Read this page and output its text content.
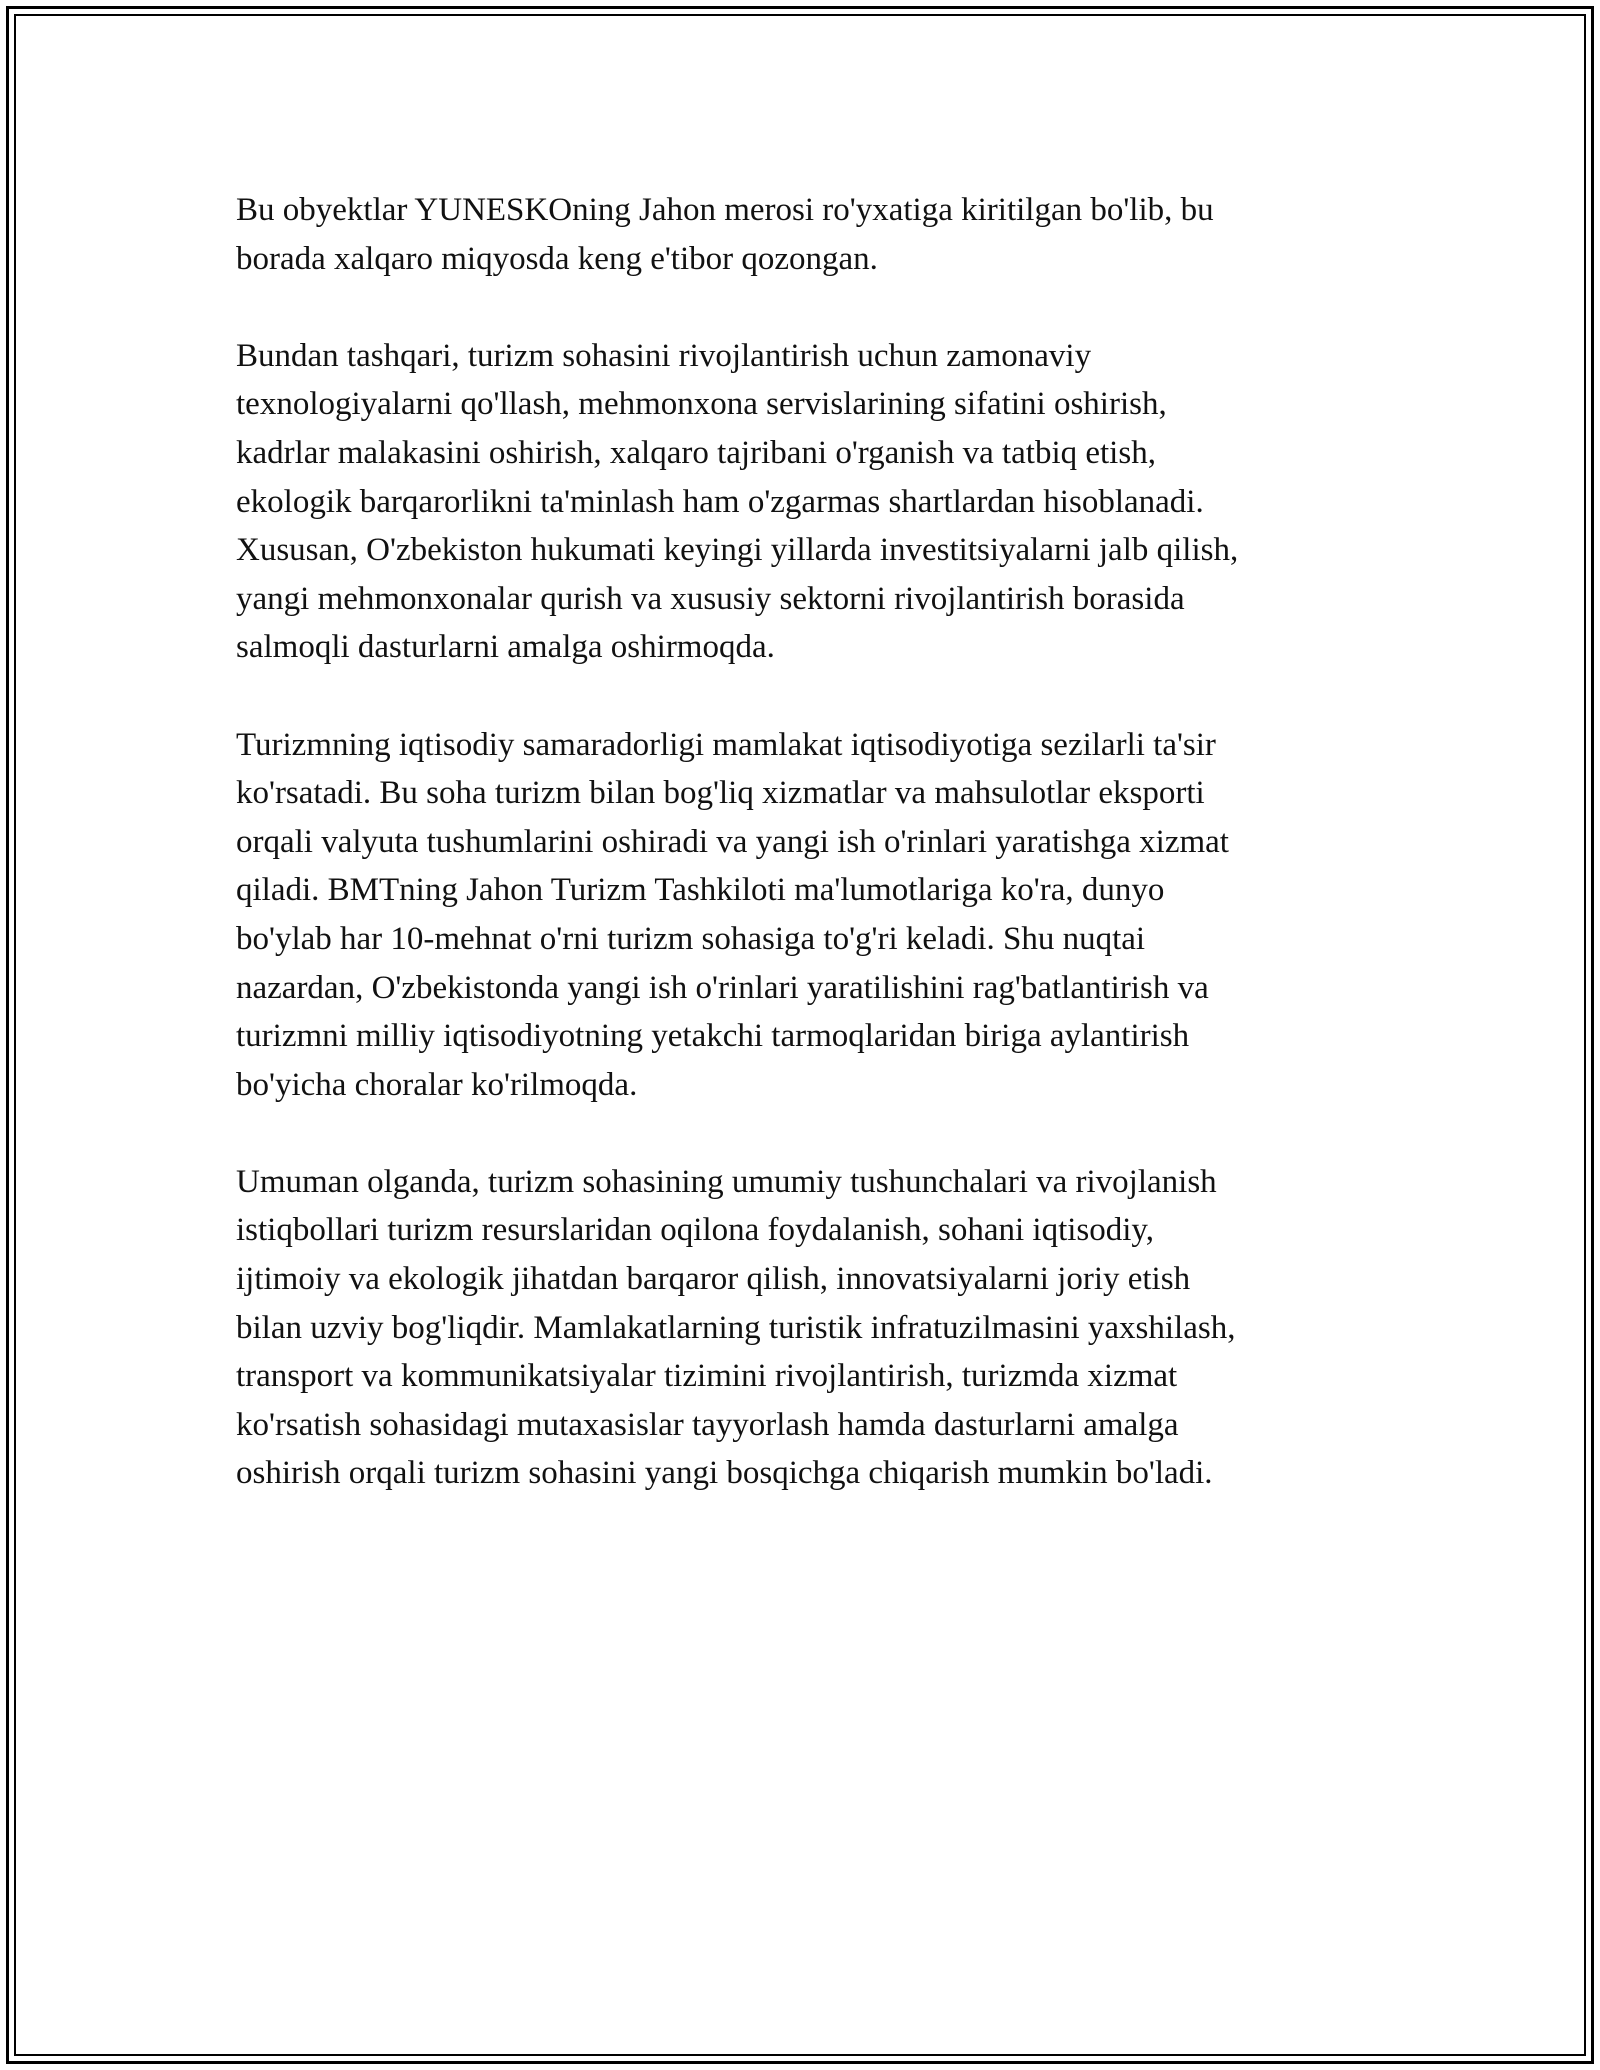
Bu obyektlar YUNESKOning Jahon merosi ro'yxatiga kiritilgan bo'lib, bu
borada xalqaro miqyosda keng e'tibor qozongan.

Bundan tashqari, turizm sohasini rivojlantirish uchun zamonaviy
texnologiyalarni qo'llash, mehmonxona servislarining sifatini oshirish,
kadrlar malakasini oshirish, xalqaro tajribani o'rganish va tatbiq etish,
ekologik barqarorlikni ta'minlash ham o'zgarmas shartlardan hisoblanadi.
Xususan, O'zbekiston hukumati keyingi yillarda investitsiyalarni jalb qilish,
yangi mehmonxonalar qurish va xususiy sektorni rivojlantirish borasida
salmoqli dasturlarni amalga oshirmoqda.

Turizmning iqtisodiy samaradorligi mamlakat iqtisodiyotiga sezilarli ta'sir
ko'rsatadi. Bu soha turizm bilan bog'liq xizmatlar va mahsulotlar eksporti
orqali valyuta tushumlarini oshiradi va yangi ish o'rinlari yaratishga xizmat
qiladi. BMTning Jahon Turizm Tashkiloti ma'lumotlariga ko'ra, dunyo
bo'ylab har 10-mehnat o'rni turizm sohasiga to'g'ri keladi. Shu nuqtai
nazardan, O'zbekistonda yangi ish o'rinlari yaratilishini rag'batlantirish va
turizmni milliy iqtisodiyotning yetakchi tarmoqlaridan biriga aylantirish
bo'yicha choralar ko'rilmoqda.

Umuman olganda, turizm sohasining umumiy tushunchalari va rivojlanish
istiqbollari turizm resurslaridan oqilona foydalanish, sohani iqtisodiy,
ijtimoiy va ekologik jihatdan barqaror qilish, innovatsiyalarni joriy etish
bilan uzviy bog'liqdir. Mamlakatlarning turistik infratuzilmasini yaxshilash,
transport va kommunikatsiyalar tizimini rivojlantirish, turizmda xizmat
ko'rsatish sohasidagi mutaxasislar tayyorlash hamda dasturlarni amalga
oshirish orqali turizm sohasini yangi bosqichga chiqarish mumkin bo'ladi.
